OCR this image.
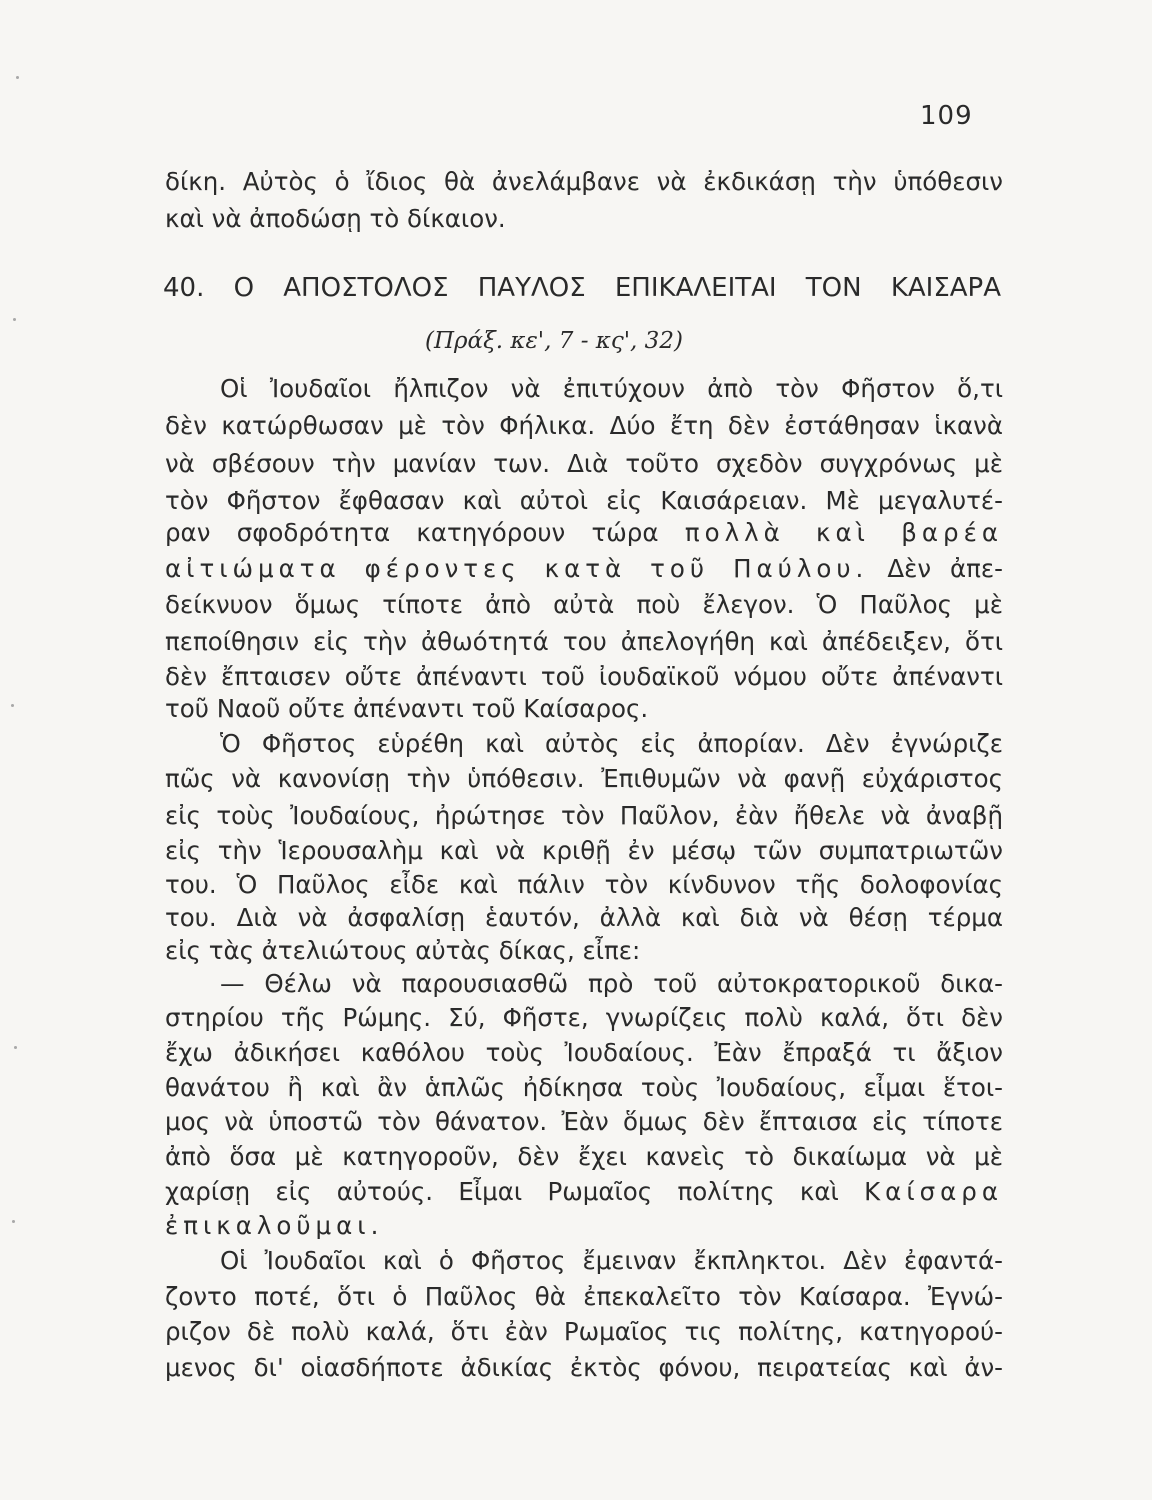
109
δίκη. Αὐτὸς ὁ ἴδιος θὰ ἀνελάμβανε νὰ ἐκδικάσῃ τὴν ὑπόθεσιν
καὶ νὰ ἀποδώσῃ τὸ δίκαιον.
40. Ο ΑΠΟΣΤΟΛΟΣ ΠΑΥΛΟΣ ΕΠΙΚΑΛΕΙΤΑΙ ΤΟΝ ΚΑΙΣΑΡΑ
(Πράξ. κε', 7 - κς', 32)
Οἱ Ἰουδαῖοι ἤλπιζον νὰ ἐπιτύχουν ἀπὸ τὸν Φῆστον ὅ,τι
δὲν κατώρθωσαν μὲ τὸν Φήλικα. Δύο ἔτη δὲν ἐστάθησαν ἱκανὰ
νὰ σβέσουν τὴν μανίαν των. Διὰ τοῦτο σχεδὸν συγχρόνως μὲ
τὸν Φῆστον ἔφθασαν καὶ αὐτοὶ εἰς Καισάρειαν. Μὲ μεγαλυτέ-
ραν σφοδρότητα κατηγόρουν τώρα πολλὰ καὶ βαρέα
αἰτιώματα φέροντες κατὰ τοῦ Παύλου. Δὲν ἀπε-
δείκνυον ὅμως τίποτε ἀπὸ αὐτὰ ποὺ ἔλεγον. Ὁ Παῦλος μὲ
πεποίθησιν εἰς τὴν ἀθωότητά του ἀπελογήθη καὶ ἀπέδειξεν, ὅτι
δὲν ἔπταισεν οὔτε ἀπέναντι τοῦ ἰουδαϊκοῦ νόμου οὔτε ἀπέναντι
τοῦ Ναοῦ οὔτε ἀπέναντι τοῦ Καίσαρος.
Ὁ Φῆστος εὑρέθη καὶ αὐτὸς εἰς ἀπορίαν. Δὲν ἐγνώριζε
πῶς νὰ κανονίσῃ τὴν ὑπόθεσιν. Ἐπιθυμῶν νὰ φανῇ εὐχάριστος
εἰς τοὺς Ἰουδαίους, ἠρώτησε τὸν Παῦλον, ἐὰν ἤθελε νὰ ἀναβῇ
εἰς τὴν Ἱερουσαλὴμ καὶ νὰ κριθῇ ἐν μέσῳ τῶν συμπατριωτῶν
του. Ὁ Παῦλος εἶδε καὶ πάλιν τὸν κίνδυνον τῆς δολοφονίας
του. Διὰ νὰ ἀσφαλίσῃ ἑαυτόν, ἀλλὰ καὶ διὰ νὰ θέσῃ τέρμα
εἰς τὰς ἀτελιώτους αὐτὰς δίκας, εἶπε:
— Θέλω νὰ παρουσιασθῶ πρὸ τοῦ αὐτοκρατορικοῦ δικα-
στηρίου τῆς Ρώμης. Σύ, Φῆστε, γνωρίζεις πολὺ καλά, ὅτι δὲν
ἔχω ἀδικήσει καθόλου τοὺς Ἰουδαίους. Ἐὰν ἔπραξά τι ἄξιον
θανάτου ἢ καὶ ἂν ἁπλῶς ἠδίκησα τοὺς Ἰουδαίους, εἶμαι ἕτοι-
μος νὰ ὑποστῶ τὸν θάνατον. Ἐὰν ὅμως δὲν ἔπταισα εἰς τίποτε
ἀπὸ ὅσα μὲ κατηγοροῦν, δὲν ἔχει κανεὶς τὸ δικαίωμα νὰ μὲ
χαρίσῃ εἰς αὐτούς. Εἶμαι Ρωμαῖος πολίτης καὶ Καίσαρα
ἐπικαλοῦμαι.
Οἱ Ἰουδαῖοι καὶ ὁ Φῆστος ἔμειναν ἔκπληκτοι. Δὲν ἐφαντά-
ζοντο ποτέ, ὅτι ὁ Παῦλος θὰ ἐπεκαλεῖτο τὸν Καίσαρα. Ἐγνώ-
ριζον δὲ πολὺ καλά, ὅτι ἐὰν Ρωμαῖος τις πολίτης, κατηγορού-
μενος δι' οἱασδήποτε ἀδικίας ἐκτὸς φόνου, πειρατείας καὶ ἀν-
